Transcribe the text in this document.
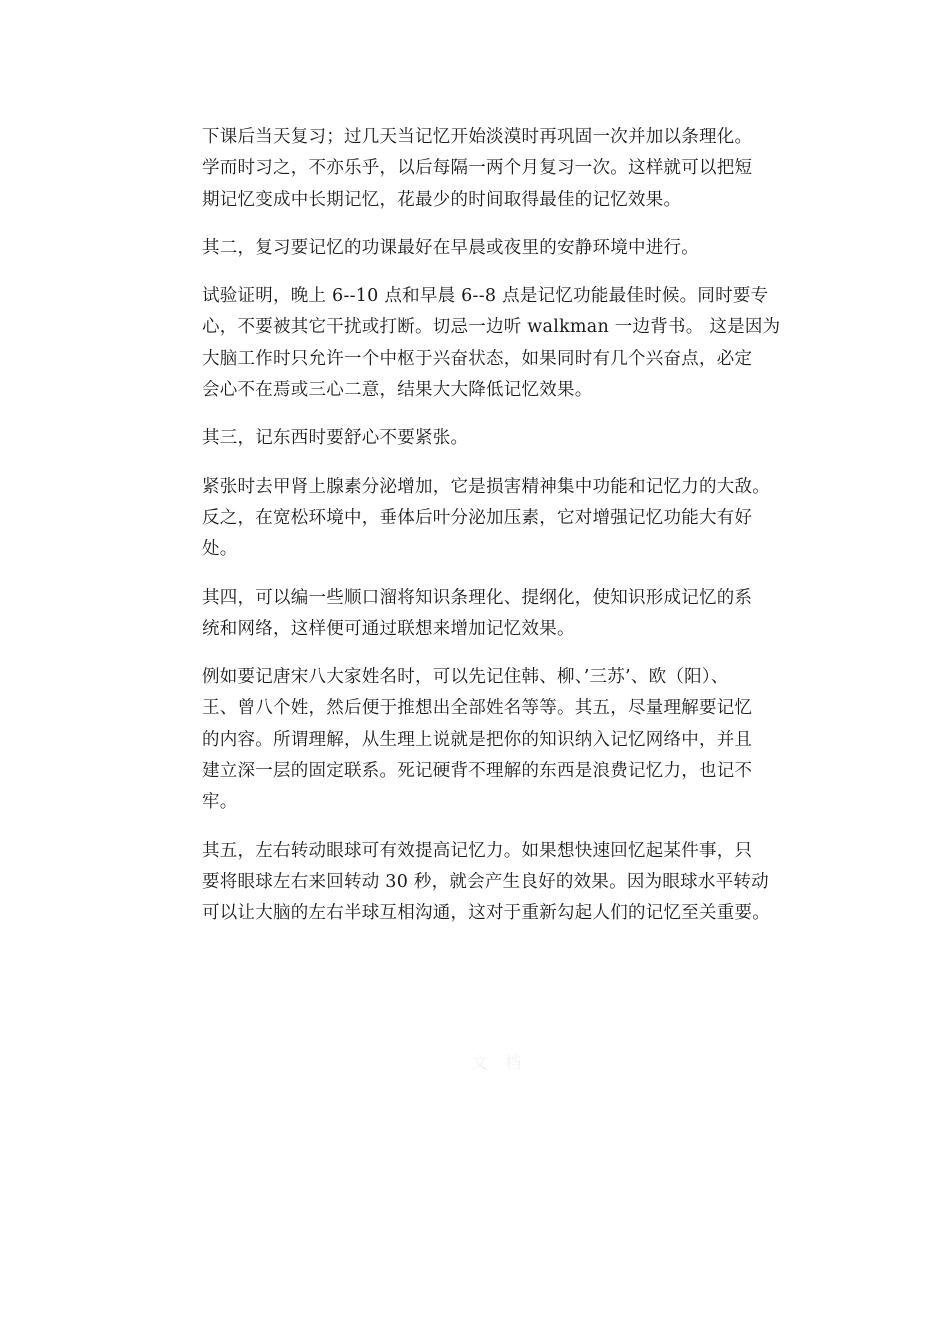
下课后当天复习；过几天当记忆开始淡漠时再巩固一次并加以条理化。
学而时习之，不亦乐乎，以后每隔一两个月复习一次。这样就可以把短
期记忆变成中长期记忆，花最少的时间取得最佳的记忆效果。

其二，复习要记忆的功课最好在早晨或夜里的安静环境中进行。

试验证明，晚上 6--10 点和早晨 6--8 点是记忆功能最佳时候。同时要专
心，不要被其它干扰或打断。切忌一边听 walkman 一边背书。 这是因为
大脑工作时只允许一个中枢于兴奋状态，如果同时有几个兴奋点，必定
会心不在焉或三心二意，结果大大降低记忆效果。

其三，记东西时要舒心不要紧张。

紧张时去甲肾上腺素分泌增加，它是损害精神集中功能和记忆力的大敌。
反之，在宽松环境中，垂体后叶分泌加压素，它对增强记忆功能大有好
处。

其四，可以编一些顺口溜将知识条理化、提纲化，使知识形成记忆的系
统和网络，这样便可通过联想来增加记忆效果。

例如要记唐宋八大家姓名时，可以先记住韩、柳、’三苏’、欧（阳）、
王、曾八个姓，然后便于推想出全部姓名等等。其五，尽量理解要记忆
的内容。所谓理解，从生理上说就是把你的知识纳入记忆网络中，并且
建立深一层的固定联系。死记硬背不理解的东西是浪费记忆力，也记不
牢。

其五，左右转动眼球可有效提高记忆力。如果想快速回忆起某件事，只
要将眼球左右来回转动 30 秒，就会产生良好的效果。因为眼球水平转动
可以让大脑的左右半球互相沟通，这对于重新勾起人们的记忆至关重要。

文 档
